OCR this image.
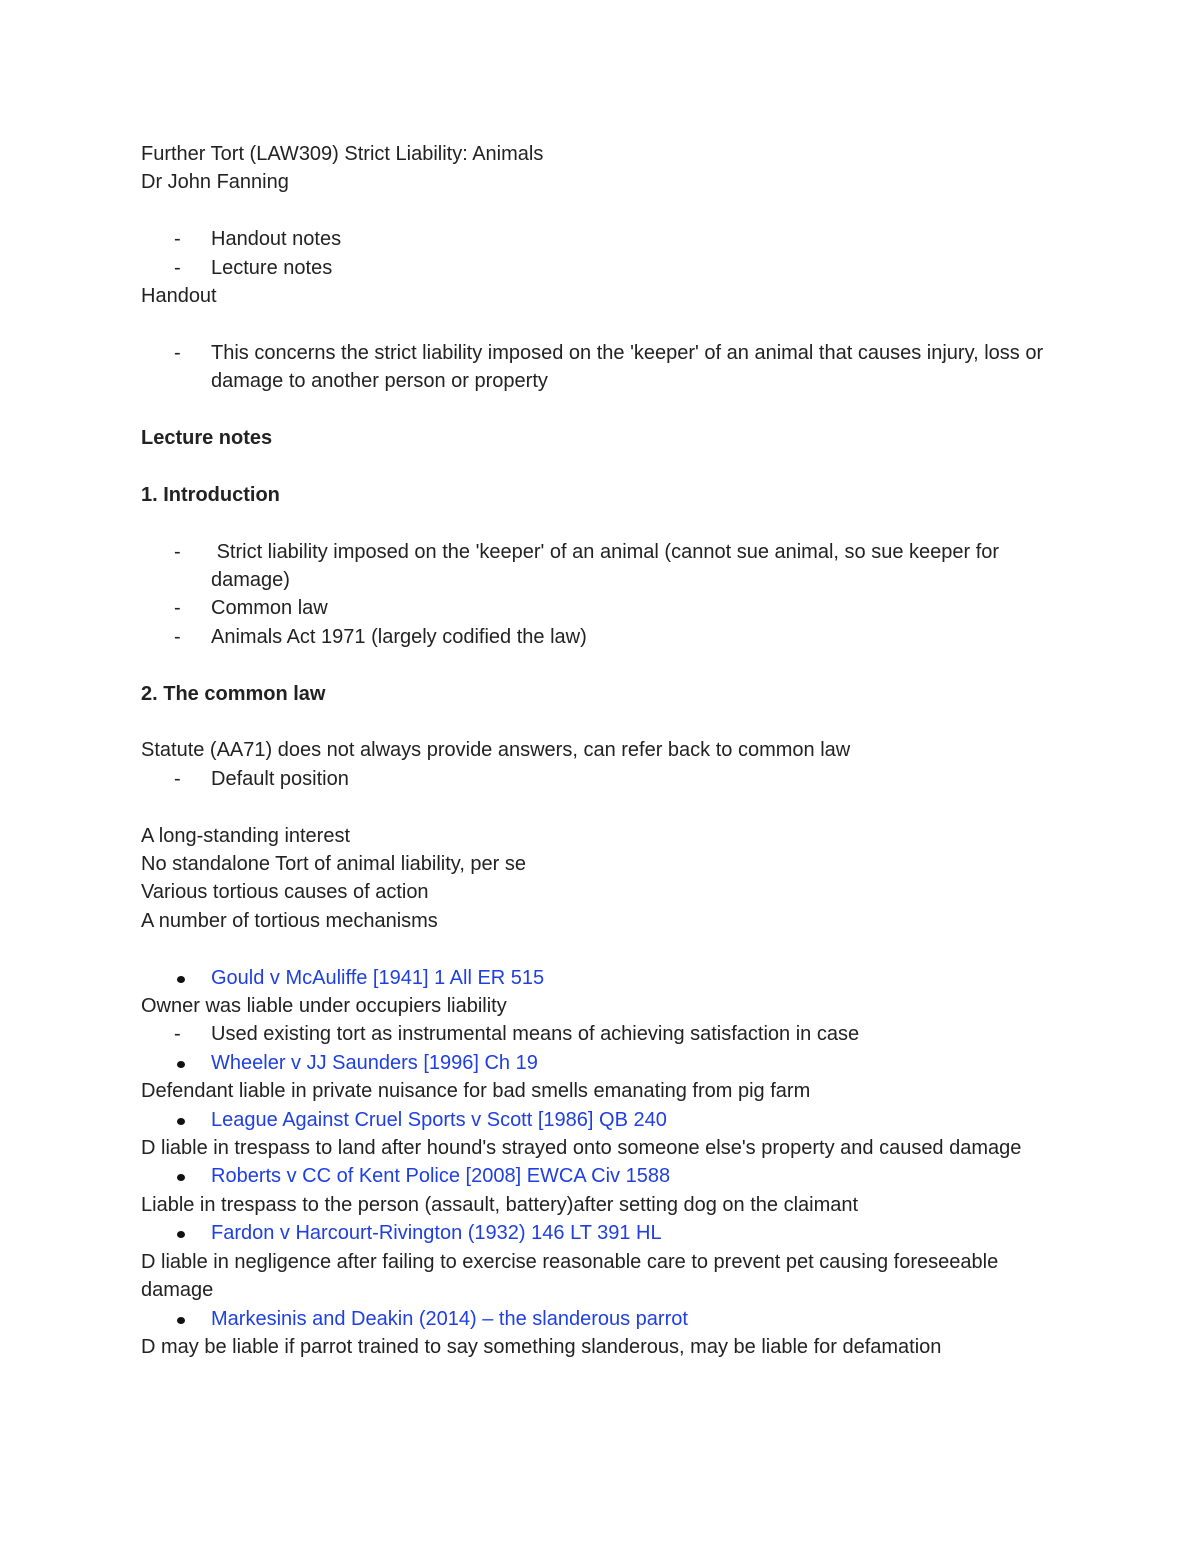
Further Tort (LAW309) Strict Liability: Animals
Dr John Fanning
-	Handout notes
-	Lecture notes
Handout
-	This concerns the strict liability imposed on the 'keeper' of an animal that causes injury, loss or damage to another person or property
Lecture notes
1. Introduction
-	Strict liability imposed on the 'keeper' of an animal (cannot sue animal, so sue keeper for damage)
-	Common law
-	Animals Act 1971 (largely codified the law)
2. The common law
Statute (AA71) does not always provide answers, can refer back to common law
-	Default position
A long-standing interest
No standalone Tort of animal liability, per se
Various tortious causes of action
A number of tortious mechanisms
Gould v McAuliffe [1941] 1 All ER 515
Owner was liable under occupiers liability
-	Used existing tort as instrumental means of achieving satisfaction in case
Wheeler v JJ Saunders [1996] Ch 19
Defendant liable in private nuisance for bad smells emanating from pig farm
League Against Cruel Sports v Scott [1986] QB 240
D liable in trespass to land after hound's strayed onto someone else's property and caused damage
Roberts v CC of Kent Police [2008] EWCA Civ 1588
Liable in trespass to the person (assault, battery)after setting dog on the claimant
Fardon v Harcourt-Rivington (1932) 146 LT 391 HL
D liable in negligence after failing to exercise reasonable care to prevent pet causing foreseeable damage
Markesinis and Deakin (2014) – the slanderous parrot
D may be liable if parrot trained to say something slanderous, may be liable for defamation
